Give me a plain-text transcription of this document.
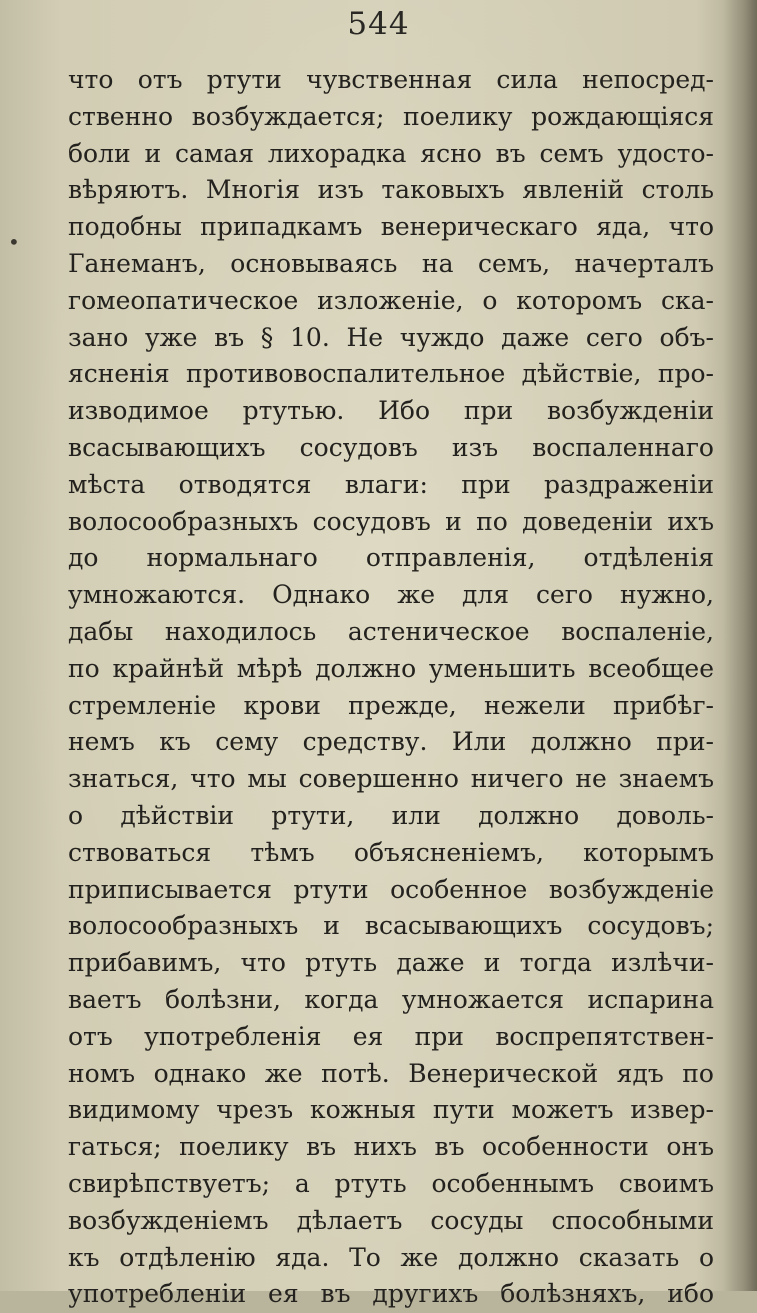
544
•
что отъ ртути чувственная сила непосред-
ственно возбуждается; поелику рождающіяся
боли и самая лихорадка ясно въ семъ удосто-
вѣряютъ. Многія изъ таковыхъ явленій столь
подобны припадкамъ венерическаго яда, что
Ганеманъ, основываясь на семъ, начерталъ
гомеопатическое изложеніе, о которомъ ска-
зано уже въ § 10. Не чуждо даже сего объ-
ясненія противовоспалительное дѣйствіе, про-
изводимое ртутью. Ибо при возбужденіи
всасывающихъ сосудовъ изъ воспаленнаго
мѣста отводятся влаги: при раздраженіи
волосообразныхъ сосудовъ и по доведеніи ихъ
до нормальнаго отправленія, отдѣленія
умножаются. Однако же для сего нужно,
дабы находилось астеническое воспаленіе,
по крайнѣй мѣрѣ должно уменьшить всеобщее
стремленіе крови прежде, нежели прибѣг-
немъ къ сему средству. Или должно при-
знаться, что мы совершенно ничего не знаемъ
о дѣйствіи ртути, или должно доволь-
ствоваться тѣмъ объясненіемъ, которымъ
приписывается ртути особенное возбужденіе
волосообразныхъ и всасывающихъ сосудовъ;
прибавимъ, что ртуть даже и тогда излѣчи-
ваетъ болѣзни, когда умножается испарина
отъ употребленія ея при воспрепятствен-
номъ однако же потѣ. Венерической ядъ по
видимому чрезъ кожныя пути можетъ извер-
гаться; поелику въ нихъ въ особенности онъ
свирѣпствуетъ; а ртуть особеннымъ своимъ
возбужденіемъ дѣлаетъ сосуды способными
къ отдѣленію яда. То же должно сказать о
употребленіи ея въ другихъ болѣзняхъ, ибо
